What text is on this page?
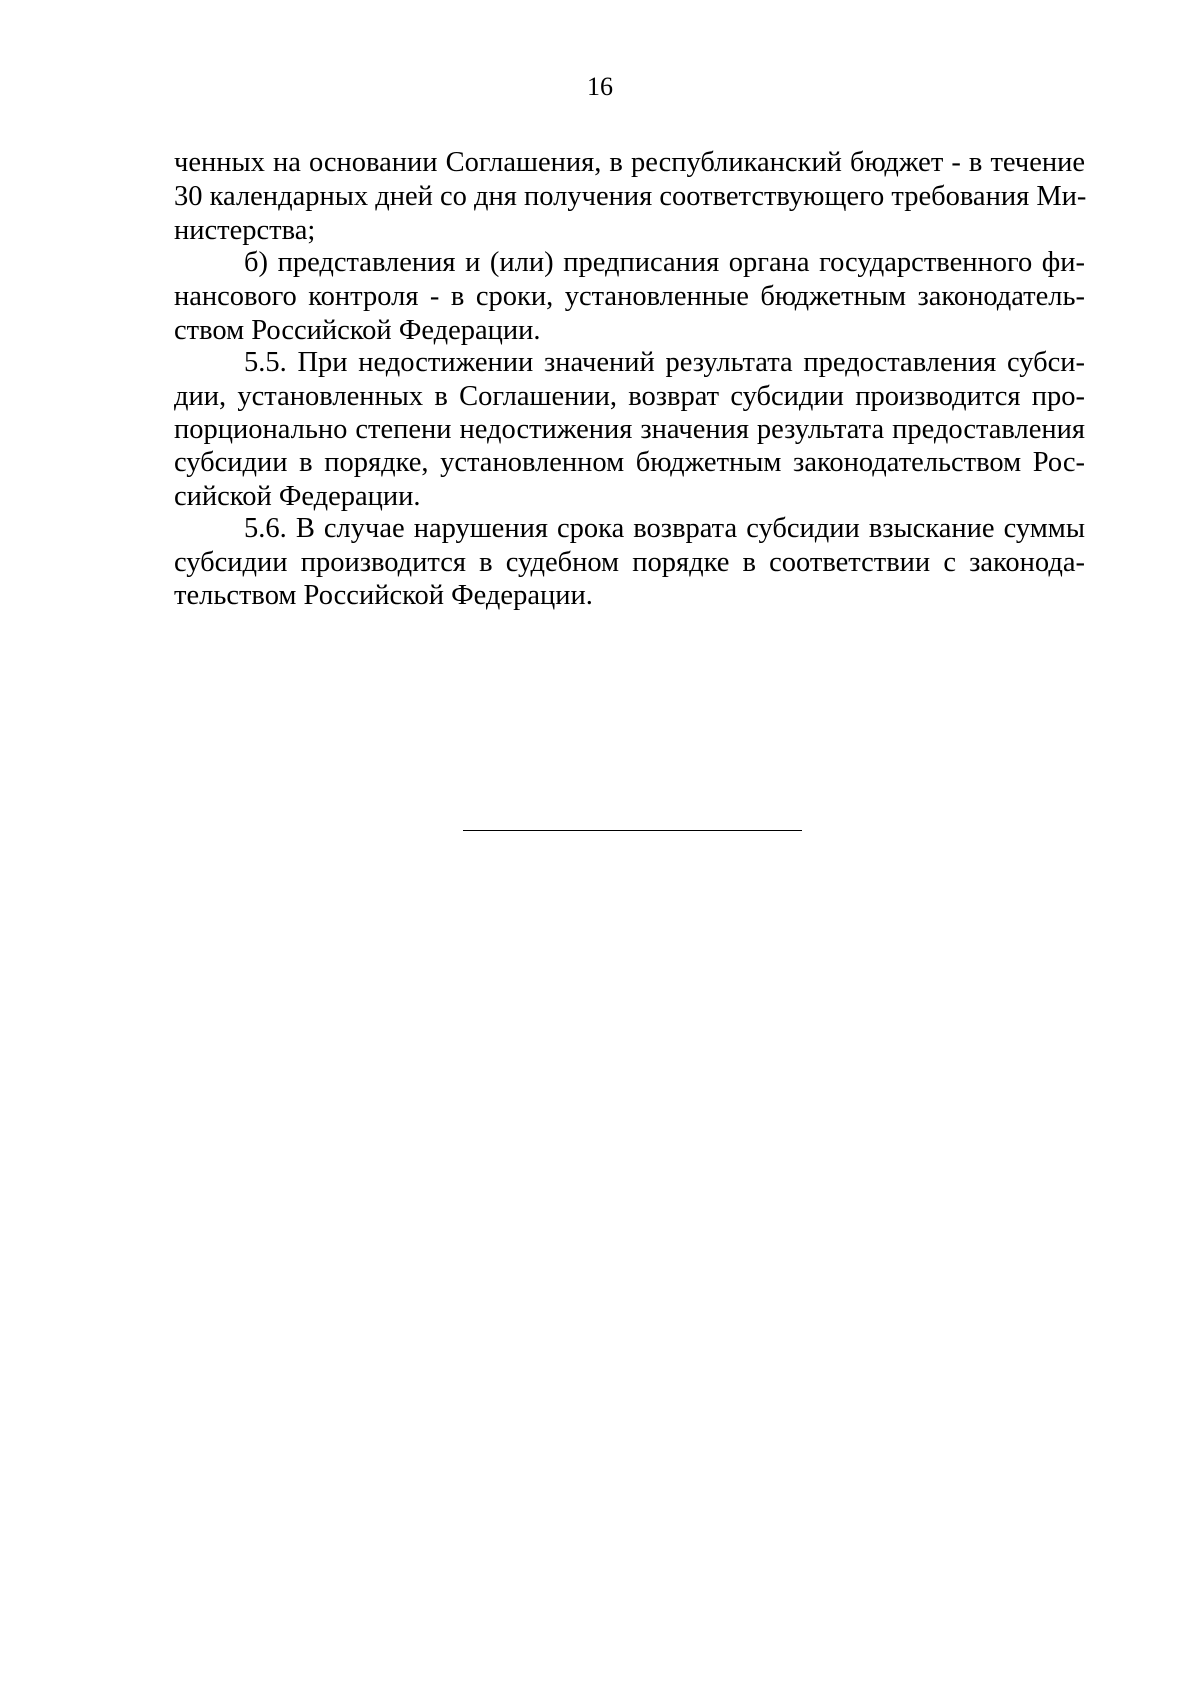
16
ченных на основании Соглашения, в республиканский бюджет - в течение
30 календарных дней со дня получения соответствующего требования Ми-
нистерства;
б) представления и (или) предписания органа государственного фи-
нансового контроля - в сроки, установленные бюджетным законодатель-
ством Российской Федерации.
5.5. При недостижении значений результата предоставления субси-
дии, установленных в Соглашении, возврат субсидии производится про-
порционально степени недостижения значения результата предоставления
субсидии в порядке, установленном бюджетным законодательством Рос-
сийской Федерации.
5.6. В случае нарушения срока возврата субсидии взыскание суммы
субсидии производится в судебном порядке в соответствии с законода-
тельством Российской Федерации.
